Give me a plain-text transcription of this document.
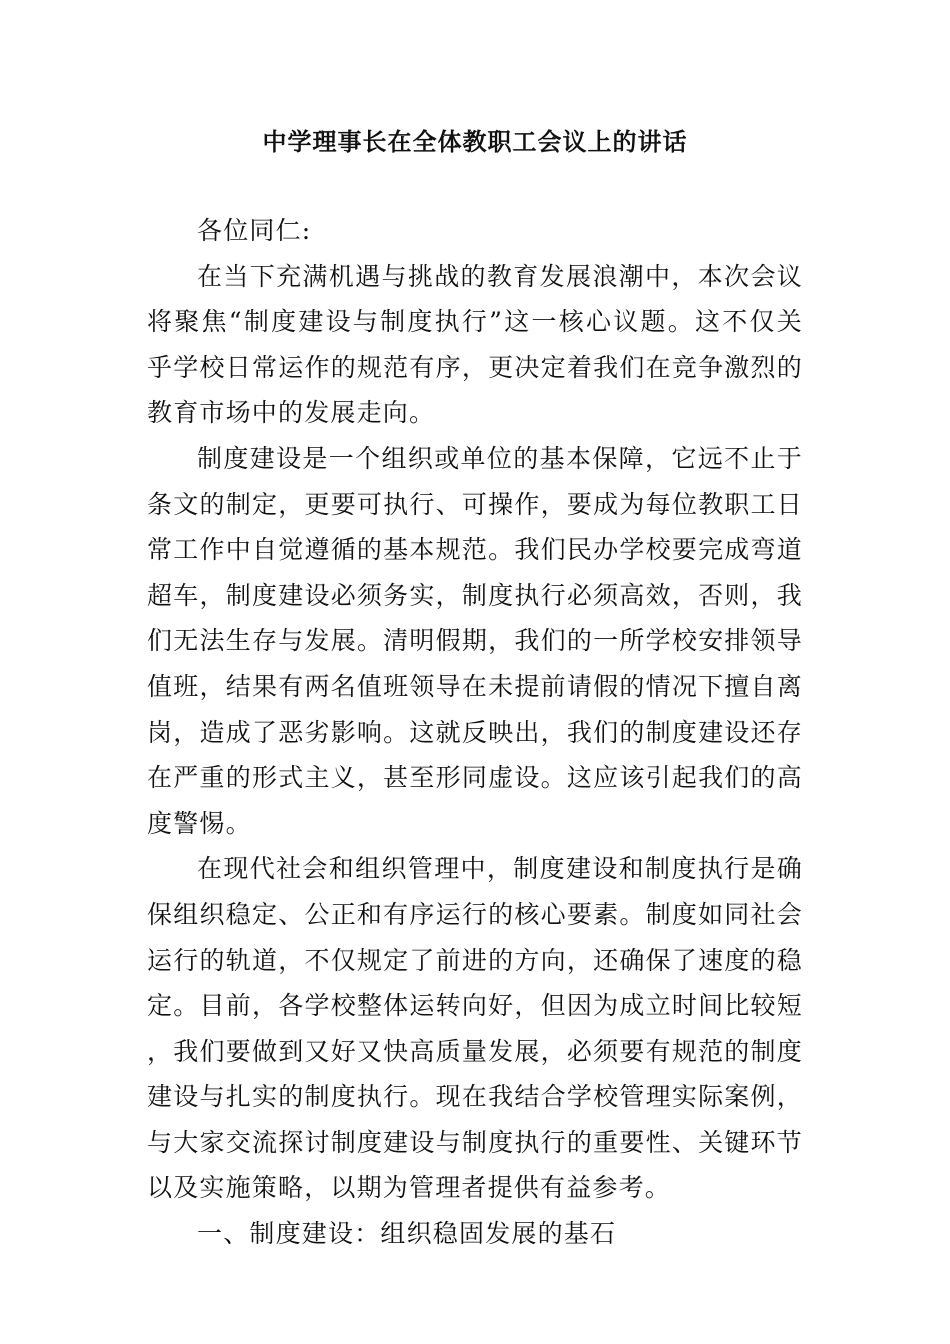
中学理事长在全体教职工会议上的讲话

各位同仁:

在当下充满机遇与挑战的教育发展浪潮中，本次会议将聚焦“制度建设与制度执行”这一核心议题。这不仅关乎学校日常运作的规范有序，更决定着我们在竞争激烈的教育市场中的发展走向。

制度建设是一个组织或单位的基本保障，它远不止于条文的制定，更要可执行、可操作，要成为每位教职工日常工作中自觉遵循的基本规范。我们民办学校要完成弯道超车，制度建设必须务实，制度执行必须高效，否则，我们无法生存与发展。清明假期，我们的一所学校安排领导值班，结果有两名值班领导在未提前请假的情况下擅自离岗，造成了恶劣影响。这就反映出，我们的制度建设还存在严重的形式主义，甚至形同虚设。这应该引起我们的高度警惕。

在现代社会和组织管理中，制度建设和制度执行是确保组织稳定、公正和有序运行的核心要素。制度如同社会运行的轨道，不仅规定了前进的方向，还确保了速度的稳定。目前，各学校整体运转向好，但因为成立时间比较短，我们要做到又好又快高质量发展，必须要有规范的制度建设与扎实的制度执行。现在我结合学校管理实际案例，与大家交流探讨制度建设与制度执行的重要性、关键环节以及实施策略，以期为管理者提供有益参考。

一、制度建设：组织稳固发展的基石
